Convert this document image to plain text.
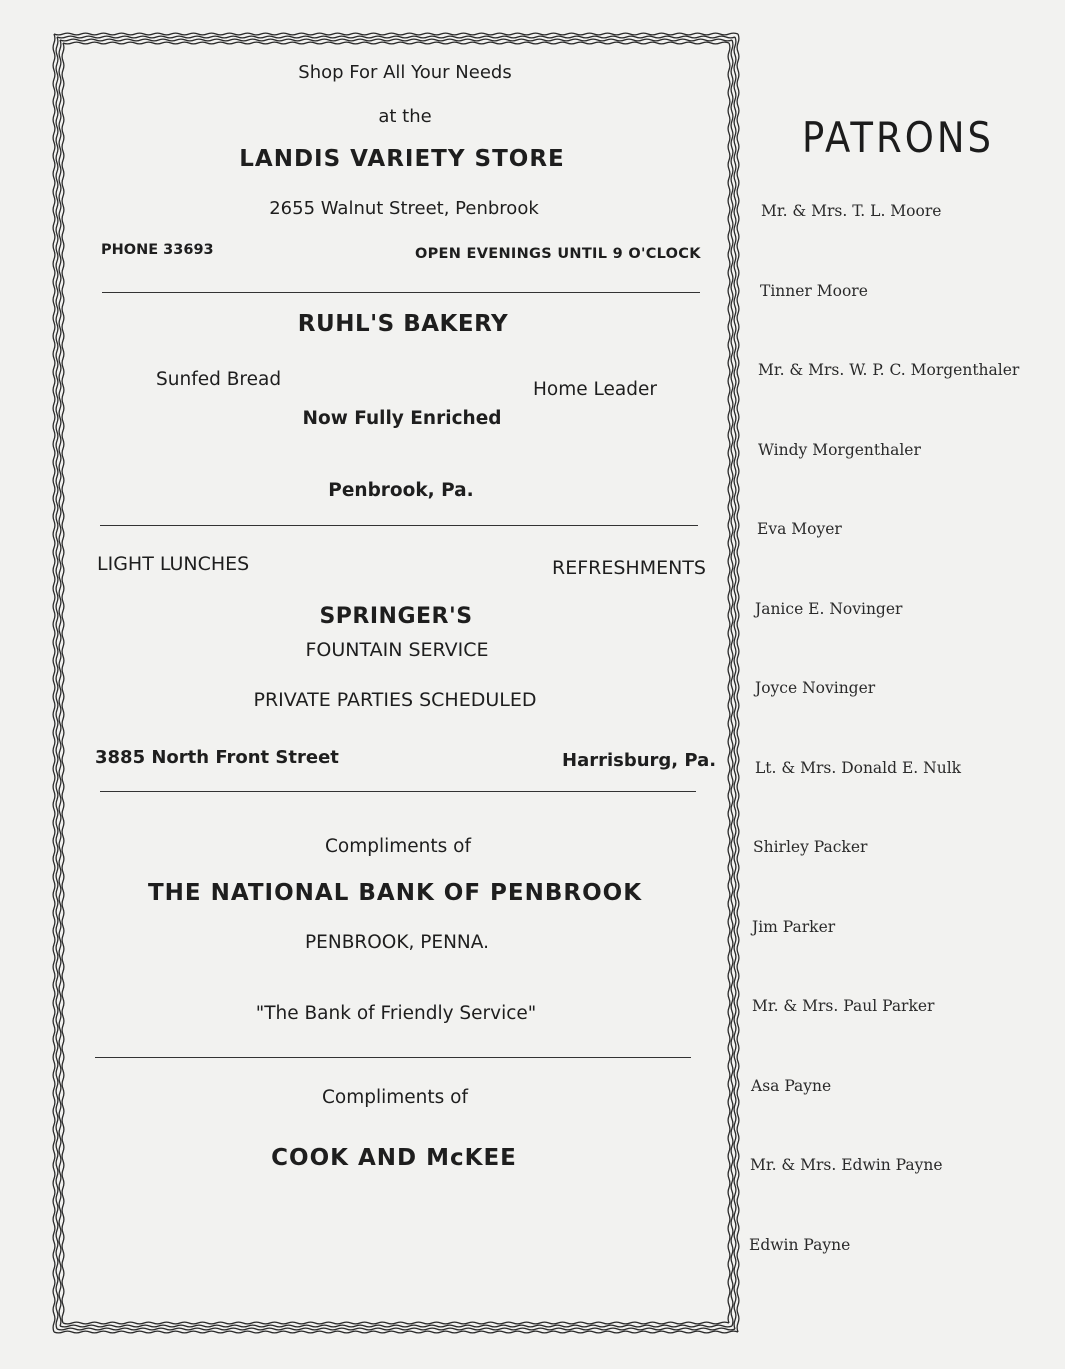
Shop For All Your Needs
at the
LANDIS VARIETY STORE
2655 Walnut Street, Penbrook
PHONE 33693	OPEN EVENINGS UNTIL 9 O'CLOCK
RUHL'S BAKERY
Sunfed Bread	Home Leader
Now Fully Enriched
Penbrook, Pa.
LIGHT LUNCHES	REFRESHMENTS
SPRINGER'S
FOUNTAIN SERVICE
PRIVATE PARTIES SCHEDULED
3885 North Front Street	Harrisburg, Pa.
Compliments of
THE NATIONAL BANK OF PENBROOK
PENBROOK, PENNA.
"The Bank of Friendly Service"
Compliments of
COOK AND McKEE
PATRONS
Mr. & Mrs. T. L. Moore
Tinner Moore
Mr. & Mrs. W. P. C. Morgenthaler
Windy Morgenthaler
Eva Moyer
Janice E. Novinger
Joyce Novinger
Lt. & Mrs. Donald E. Nulk
Shirley Packer
Jim Parker
Mr. & Mrs. Paul Parker
Asa Payne
Mr. & Mrs. Edwin Payne
Edwin Payne
